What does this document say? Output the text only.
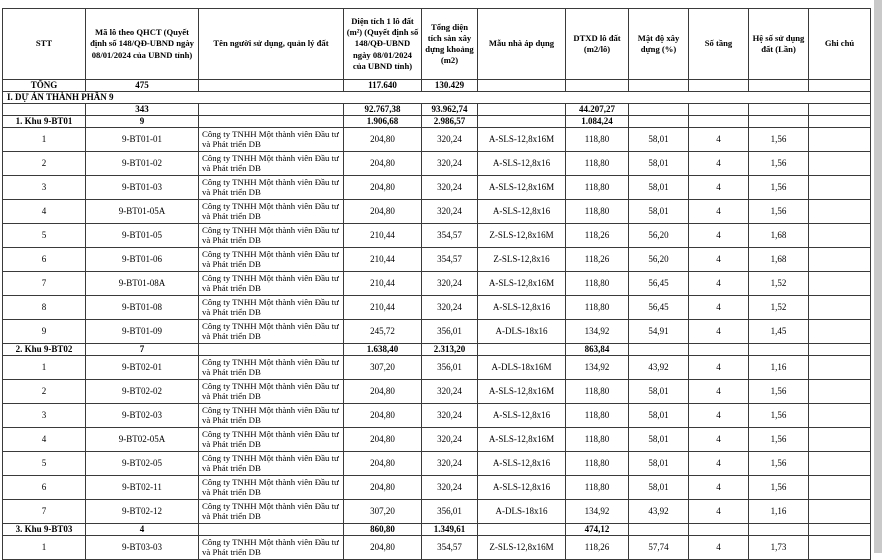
STT	Mã lô theo QHCT (Quyết định số 148/QĐ-UBND ngày 08/01/2024 của UBND tỉnh)	Tên người sử dụng, quản lý đất	Diện tích 1 lô đất (m²) (Quyết định số 148/QĐ-UBND ngày 08/01/2024 của UBND tỉnh)	Tổng diện tích sàn xây dựng khoảng (m2)	Mẫu nhà áp dụng	DTXD lô đất (m2/lô)	Mật độ xây dựng (%)	Số tầng	Hệ số sử dụng đất (Lần)	Ghi chú
TỔNG	475		117.640	130.429						
I. DỰ ÁN THÀNH PHẦN 9										
	343		92.767,38	93.962,74		44.207,27				
1. Khu 9-BT01	9		1.906,68	2.986,57		1.084,24				
1	9-BT01-01	Công ty TNHH Một thành viên Đầu tư và Phát triển DB	204,80	320,24	A-SLS-12,8x16M	118,80	58,01	4	1,56	
2	9-BT01-02	Công ty TNHH Một thành viên Đầu tư và Phát triển DB	204,80	320,24	A-SLS-12,8x16	118,80	58,01	4	1,56	
3	9-BT01-03	Công ty TNHH Một thành viên Đầu tư và Phát triển DB	204,80	320,24	A-SLS-12,8x16M	118,80	58,01	4	1,56	
4	9-BT01-05A	Công ty TNHH Một thành viên Đầu tư và Phát triển DB	204,80	320,24	A-SLS-12,8x16	118,80	58,01	4	1,56	
5	9-BT01-05	Công ty TNHH Một thành viên Đầu tư và Phát triển DB	210,44	354,57	Z-SLS-12,8x16M	118,26	56,20	4	1,68	
6	9-BT01-06	Công ty TNHH Một thành viên Đầu tư và Phát triển DB	210,44	354,57	Z-SLS-12,8x16	118,26	56,20	4	1,68	
7	9-BT01-08A	Công ty TNHH Một thành viên Đầu tư và Phát triển DB	210,44	320,24	A-SLS-12,8x16M	118,80	56,45	4	1,52	
8	9-BT01-08	Công ty TNHH Một thành viên Đầu tư và Phát triển DB	210,44	320,24	A-SLS-12,8x16	118,80	56,45	4	1,52	
9	9-BT01-09	Công ty TNHH Một thành viên Đầu tư và Phát triển DB	245,72	356,01	A-DLS-18x16	134,92	54,91	4	1,45	
2. Khu 9-BT02	7		1.638,40	2.313,20		863,84				
1	9-BT02-01	Công ty TNHH Một thành viên Đầu tư và Phát triển DB	307,20	356,01	A-DLS-18x16M	134,92	43,92	4	1,16	
2	9-BT02-02	Công ty TNHH Một thành viên Đầu tư và Phát triển DB	204,80	320,24	A-SLS-12,8x16M	118,80	58,01	4	1,56	
3	9-BT02-03	Công ty TNHH Một thành viên Đầu tư và Phát triển DB	204,80	320,24	A-SLS-12,8x16	118,80	58,01	4	1,56	
4	9-BT02-05A	Công ty TNHH Một thành viên Đầu tư và Phát triển DB	204,80	320,24	A-SLS-12,8x16M	118,80	58,01	4	1,56	
5	9-BT02-05	Công ty TNHH Một thành viên Đầu tư và Phát triển DB	204,80	320,24	A-SLS-12,8x16	118,80	58,01	4	1,56	
6	9-BT02-11	Công ty TNHH Một thành viên Đầu tư và Phát triển DB	204,80	320,24	A-SLS-12,8x16	118,80	58,01	4	1,56	
7	9-BT02-12	Công ty TNHH Một thành viên Đầu tư và Phát triển DB	307,20	356,01	A-DLS-18x16	134,92	43,92	4	1,16	
3. Khu 9-BT03	4		860,80	1.349,61		474,12				
1	9-BT03-03	Công ty TNHH Một thành viên Đầu tư và Phát triển DB	204,80	354,57	Z-SLS-12,8x16M	118,26	57,74	4	1,73	
